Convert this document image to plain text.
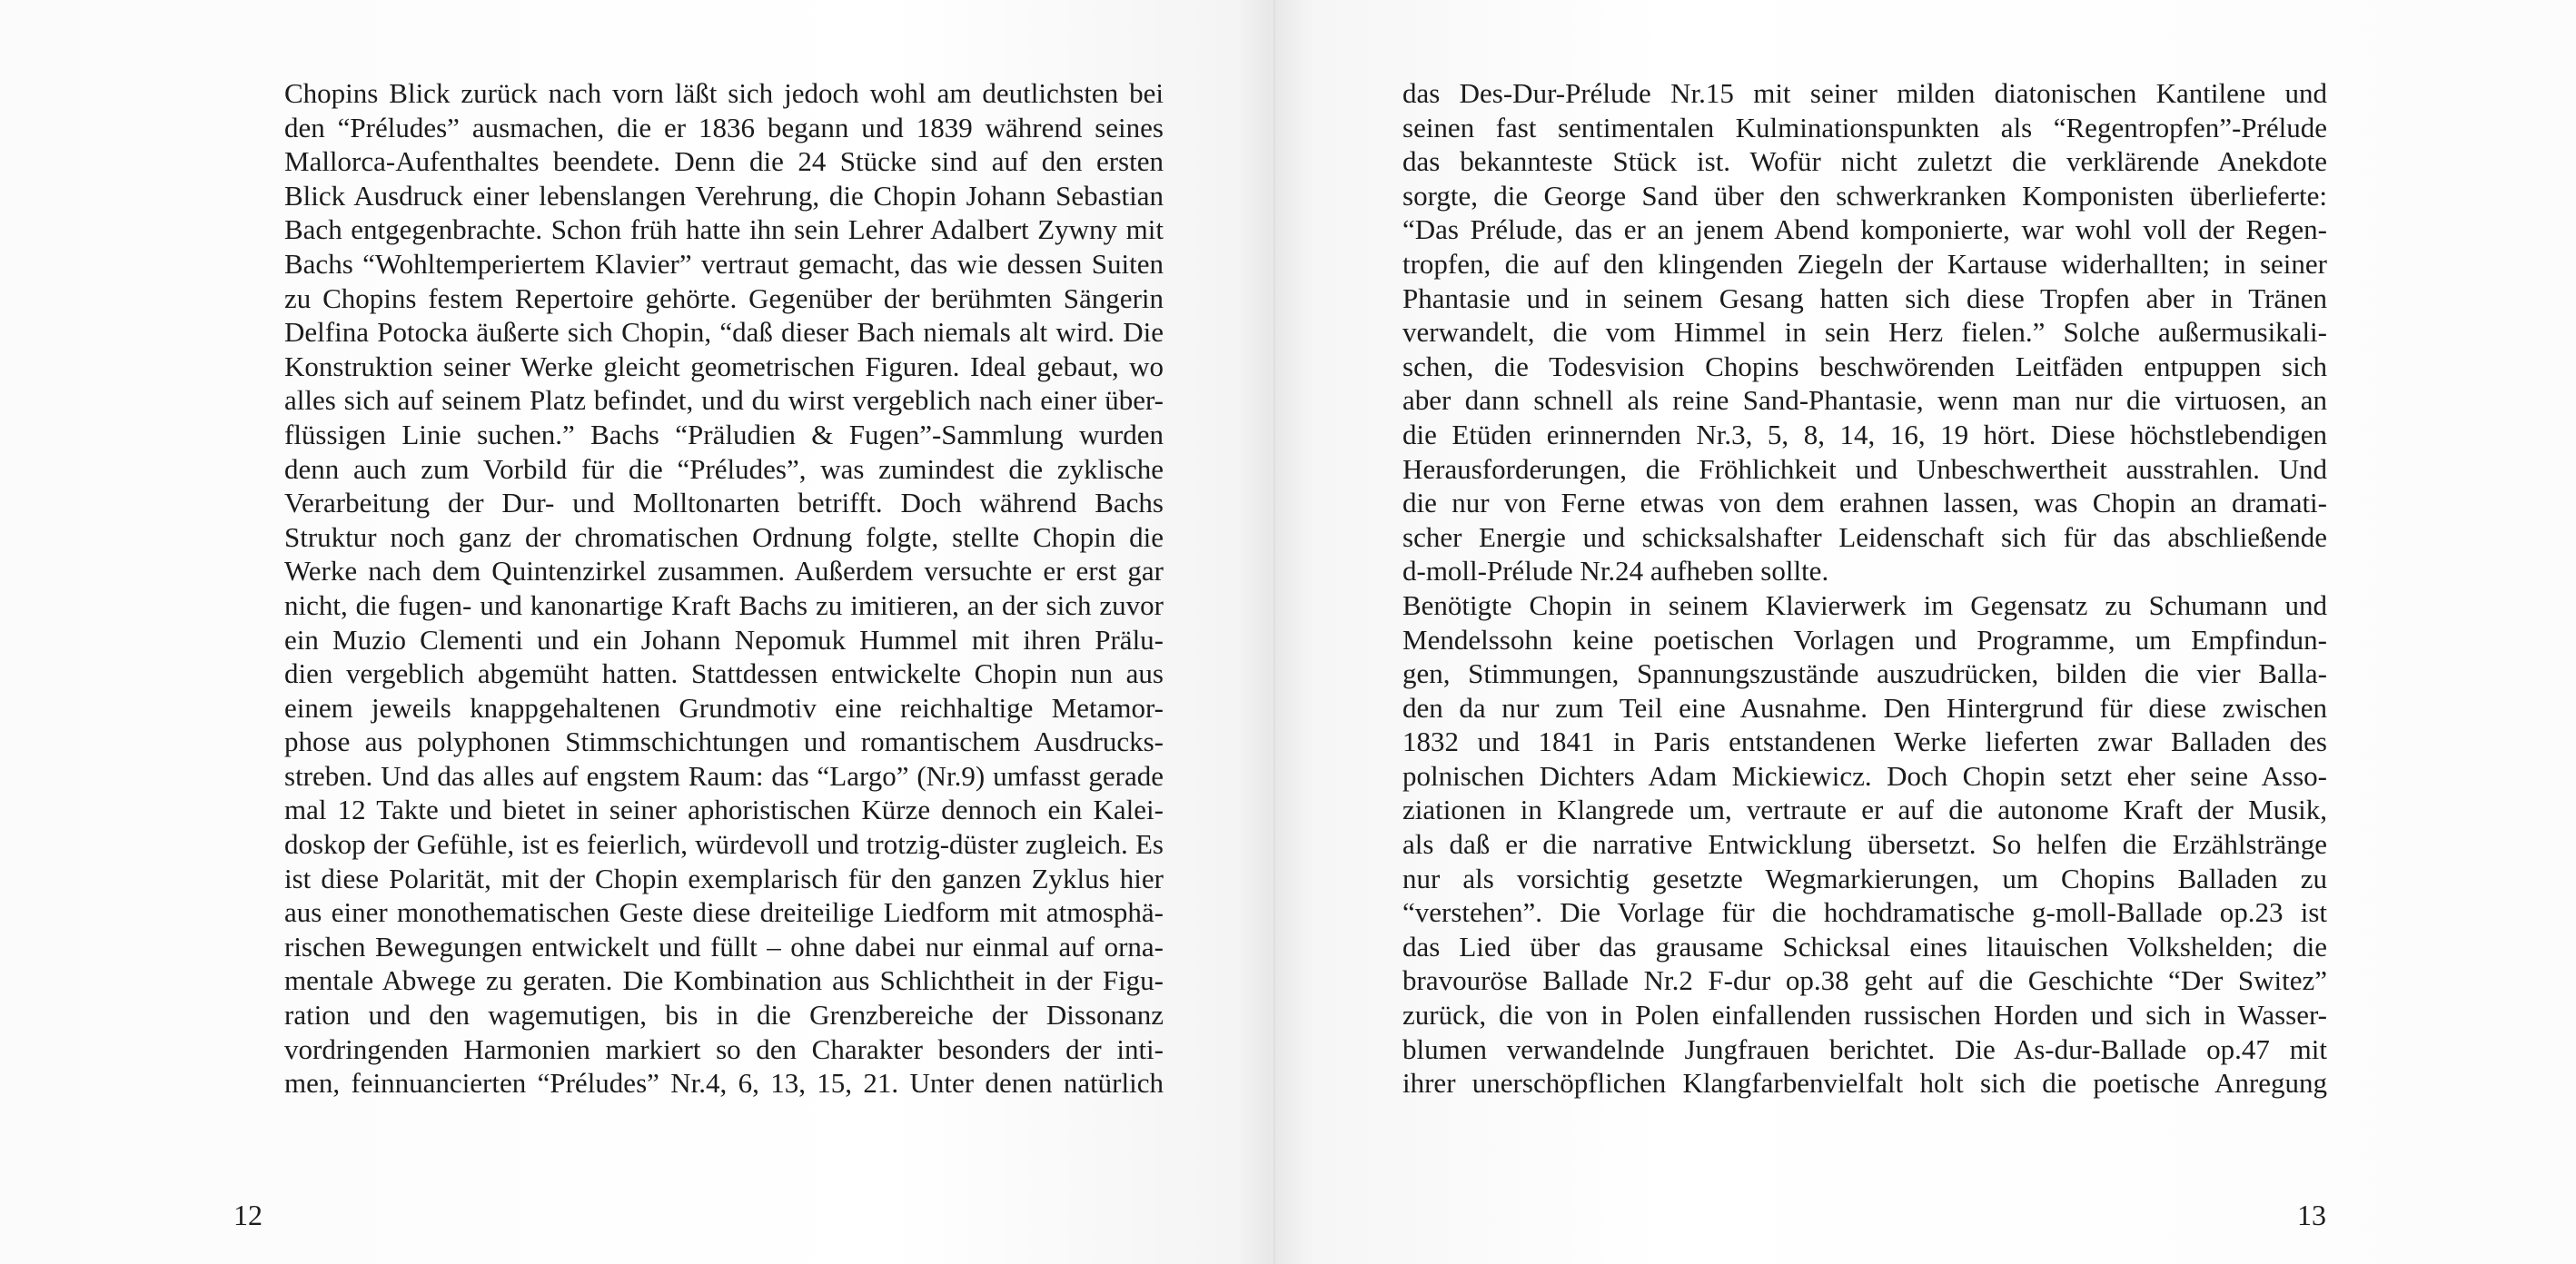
Chopins Blick zurück nach vorn läßt sich jedoch wohl am deutlichsten bei
den “Préludes” ausmachen, die er 1836 begann und 1839 während seines
Mallorca-Aufenthaltes beendete. Denn die 24 Stücke sind auf den ersten
Blick Ausdruck einer lebenslangen Verehrung, die Chopin Johann Sebastian
Bach entgegenbrachte. Schon früh hatte ihn sein Lehrer Adalbert Zywny mit
Bachs “Wohltemperiertem Klavier” vertraut gemacht, das wie dessen Suiten
zu Chopins festem Repertoire gehörte. Gegenüber der berühmten Sängerin
Delfina Potocka äußerte sich Chopin, “daß dieser Bach niemals alt wird. Die
Konstruktion seiner Werke gleicht geometrischen Figuren. Ideal gebaut, wo
alles sich auf seinem Platz befindet, und du wirst vergeblich nach einer über-
flüssigen Linie suchen.” Bachs “Präludien & Fugen”-Sammlung wurden
denn auch zum Vorbild für die “Préludes”, was zumindest die zyklische
Verarbeitung der Dur- und Molltonarten betrifft. Doch während Bachs
Struktur noch ganz der chromatischen Ordnung folgte, stellte Chopin die
Werke nach dem Quintenzirkel zusammen. Außerdem versuchte er erst gar
nicht, die fugen- und kanonartige Kraft Bachs zu imitieren, an der sich zuvor
ein Muzio Clementi und ein Johann Nepomuk Hummel mit ihren Prälu-
dien vergeblich abgemüht hatten. Stattdessen entwickelte Chopin nun aus
einem jeweils knappgehaltenen Grundmotiv eine reichhaltige Metamor-
phose aus polyphonen Stimmschichtungen und romantischem Ausdrucks-
streben. Und das alles auf engstem Raum: das “Largo” (Nr.9) umfasst gerade
mal 12 Takte und bietet in seiner aphoristischen Kürze dennoch ein Kalei-
doskop der Gefühle, ist es feierlich, würdevoll und trotzig-düster zugleich. Es
ist diese Polarität, mit der Chopin exemplarisch für den ganzen Zyklus hier
aus einer monothematischen Geste diese dreiteilige Liedform mit atmosphä-
rischen Bewegungen entwickelt und füllt – ohne dabei nur einmal auf orna-
mentale Abwege zu geraten. Die Kombination aus Schlichtheit in der Figu-
ration und den wagemutigen, bis in die Grenzbereiche der Dissonanz
vordringenden Harmonien markiert so den Charakter besonders der inti-
men, feinnuancierten “Préludes” Nr.4, 6, 13, 15, 21. Unter denen natürlich
12	13
das Des-Dur-Prélude Nr.15 mit seiner milden diatonischen Kantilene und
seinen fast sentimentalen Kulminationspunkten als “Regentropfen”-Prélude
das bekannteste Stück ist. Wofür nicht zuletzt die verklärende Anekdote
sorgte, die George Sand über den schwerkranken Komponisten überlieferte:
“Das Prélude, das er an jenem Abend komponierte, war wohl voll der Regen-
tropfen, die auf den klingenden Ziegeln der Kartause widerhallten; in seiner
Phantasie und in seinem Gesang hatten sich diese Tropfen aber in Tränen
verwandelt, die vom Himmel in sein Herz fielen.” Solche außermusikali-
schen, die Todesvision Chopins beschwörenden Leitfäden entpuppen sich
aber dann schnell als reine Sand-Phantasie, wenn man nur die virtuosen, an
die Etüden erinnernden Nr.3, 5, 8, 14, 16, 19 hört. Diese höchstlebendigen
Herausforderungen, die Fröhlichkeit und Unbeschwertheit ausstrahlen. Und
die nur von Ferne etwas von dem erahnen lassen, was Chopin an dramati-
scher Energie und schicksalshafter Leidenschaft sich für das abschließende
d-moll-Prélude Nr.24 aufheben sollte.
Benötigte Chopin in seinem Klavierwerk im Gegensatz zu Schumann und
Mendelssohn keine poetischen Vorlagen und Programme, um Empfindun-
gen, Stimmungen, Spannungszustände auszudrücken, bilden die vier Balla-
den da nur zum Teil eine Ausnahme. Den Hintergrund für diese zwischen
1832 und 1841 in Paris entstandenen Werke lieferten zwar Balladen des
polnischen Dichters Adam Mickiewicz. Doch Chopin setzt eher seine Asso-
ziationen in Klangrede um, vertraute er auf die autonome Kraft der Musik,
als daß er die narrative Entwicklung übersetzt. So helfen die Erzählstränge
nur als vorsichtig gesetzte Wegmarkierungen, um Chopins Balladen zu
“verstehen”. Die Vorlage für die hochdramatische g-moll-Ballade op.23 ist
das Lied über das grausame Schicksal eines litauischen Volkshelden; die
bravouröse Ballade Nr.2 F-dur op.38 geht auf die Geschichte “Der Switez”
zurück, die von in Polen einfallenden russischen Horden und sich in Wasser-
blumen verwandelnde Jungfrauen berichtet. Die As-dur-Ballade op.47 mit
ihrer unerschöpflichen Klangfarbenvielfalt holt sich die poetische Anregung
